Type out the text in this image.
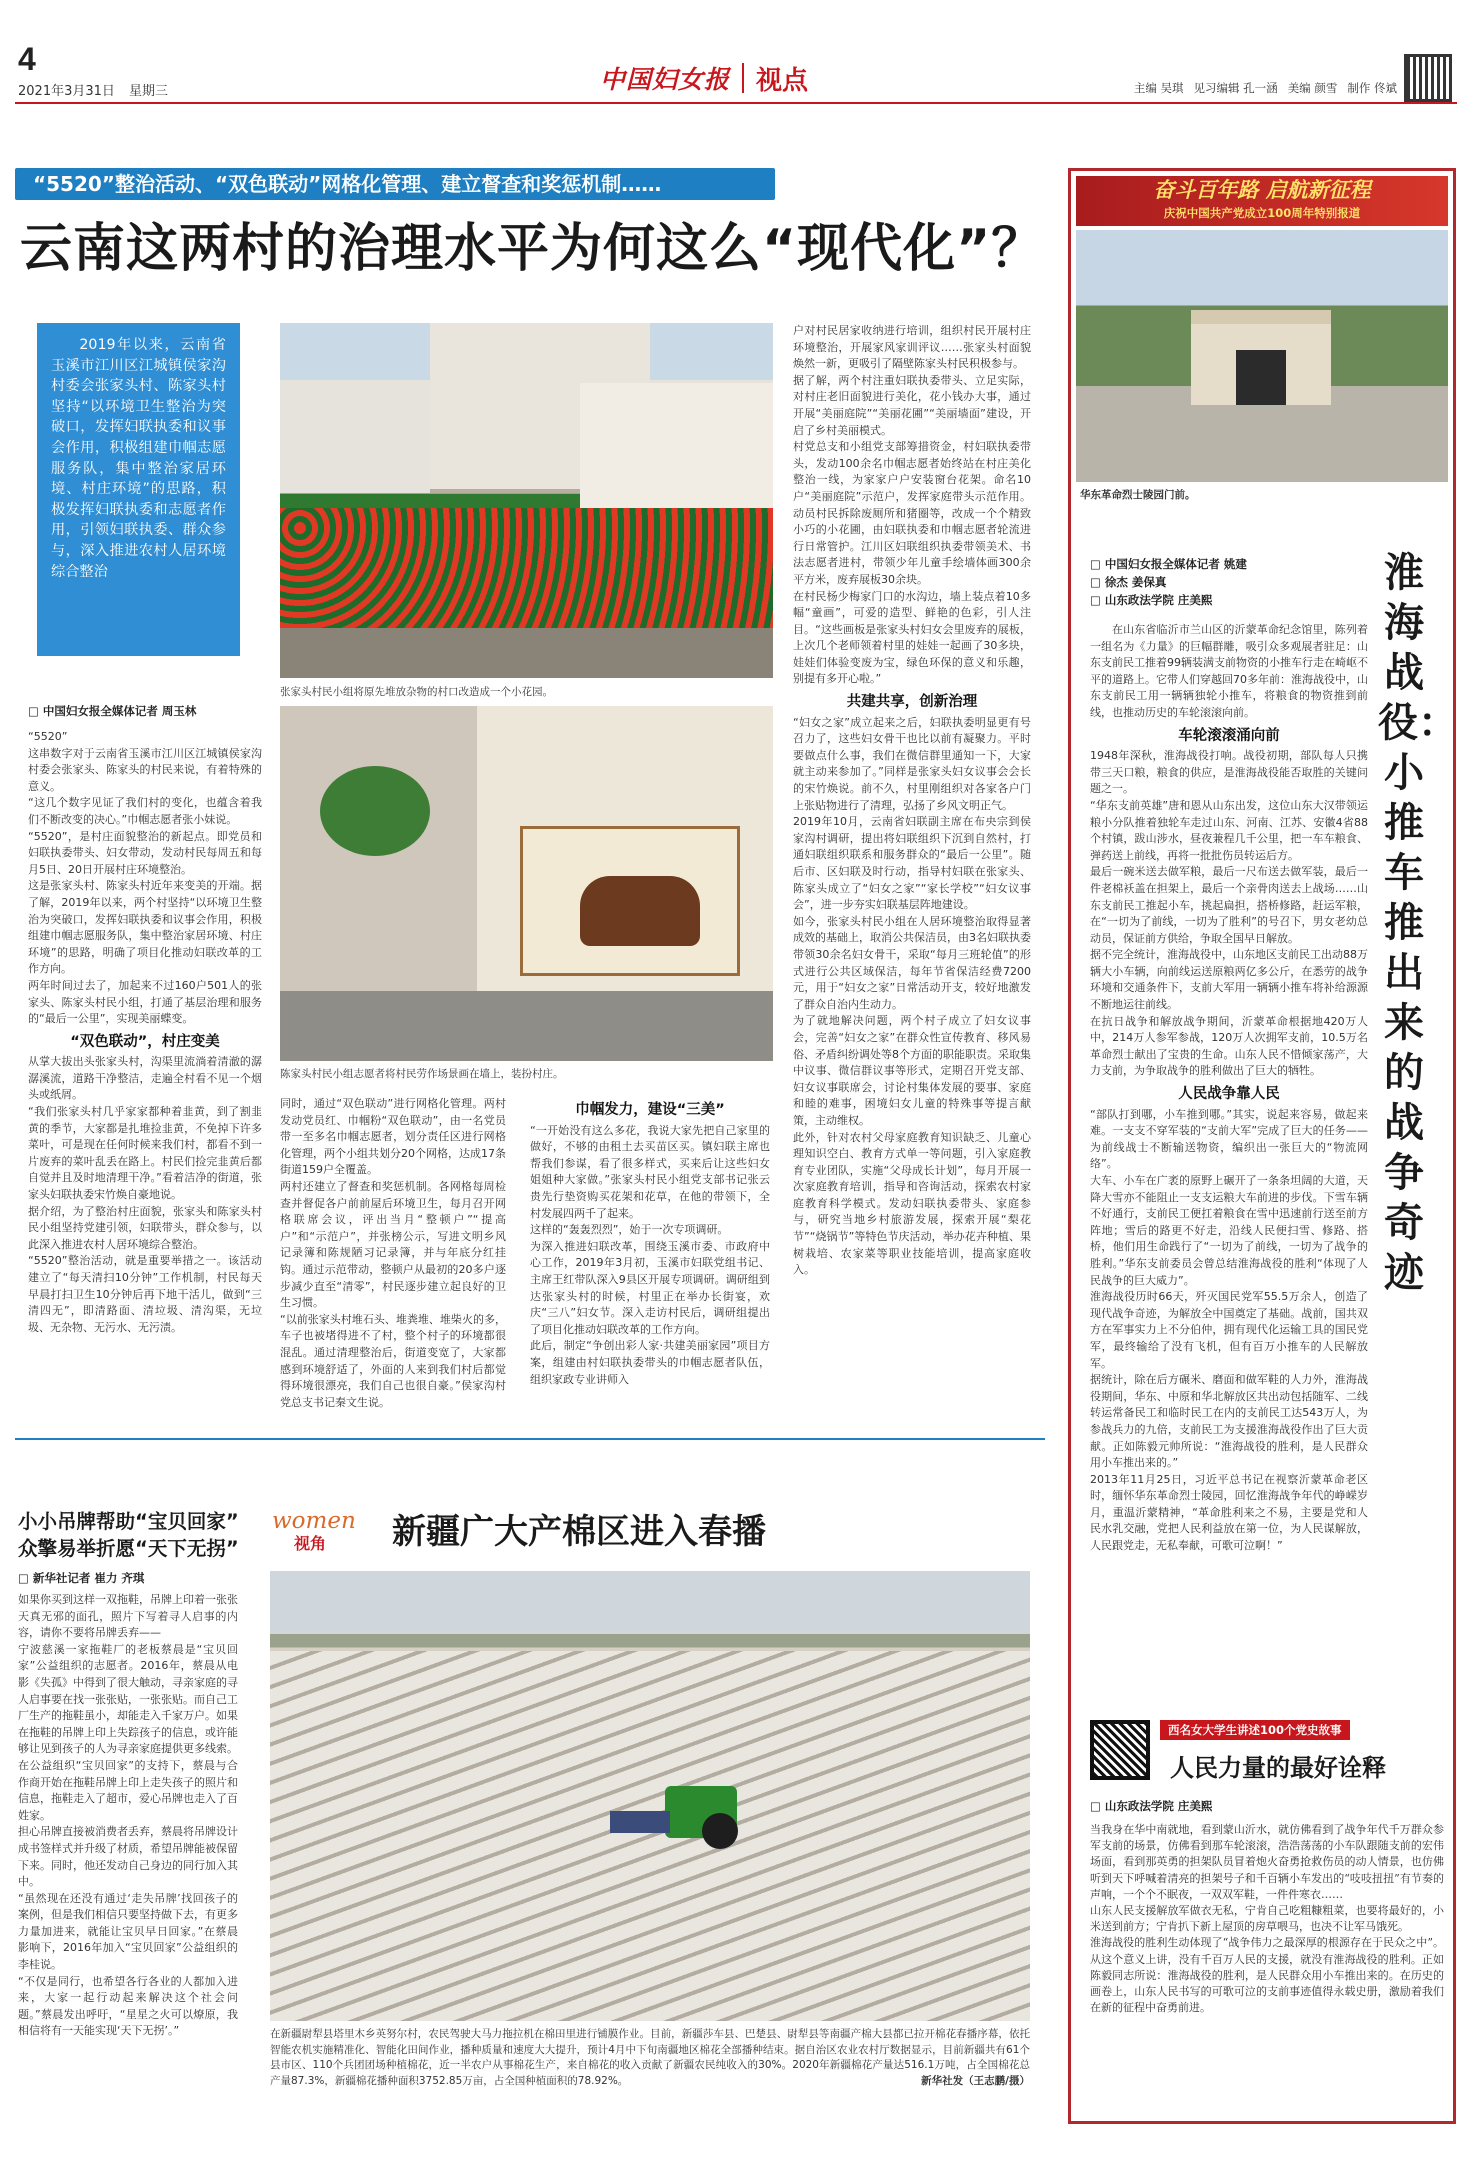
4
2021年3月31日 星期三	中国妇女报 视点	主编 吴琪 见习编辑 孔一涵 美编 颜雪 制作 佟斌
“5520”整治活动、“双色联动”网格化管理、建立督查和奖惩机制……
云南这两村的治理水平为何这么“现代化”？
2019年以来，云南省玉溪市江川区江城镇侯家沟村委会张家头村、陈家头村坚持“以环境卫生整治为突破口，发挥妇联执委和议事会作用，积极组建巾帼志愿服务队，集中整治家居环境、村庄环境”的思路，积极发挥妇联执委和志愿者作用，引领妇联执委、群众参与，深入推进农村人居环境综合整治
□ 中国妇女报全媒体记者 周玉林
张家头村民小组将原先堆放杂物的村口改造成一个小花园。
陈家头村民小组志愿者将村民劳作场景画在墙上，装扮村庄。

“5520”
这串数字对于云南省玉溪市江川区江城镇侯家沟村委会张家头、陈家头的村民来说，有着特殊的意义。
“这几个数字见证了我们村的变化，也蕴含着我们不断改变的决心。”巾帼志愿者张小妹说。
“5520”，是村庄面貌整治的新起点。即党员和妇联执委带头、妇女带动，发动村民每周五和每月5日、20日开展村庄环境整治。
这是张家头村、陈家头村近年来变美的开端。据了解，2019年以来，两个村坚持“以环境卫生整治为突破口，发挥妇联执委和议事会作用，积极组建巾帼志愿服务队，集中整治家居环境、村庄环境”的思路，明确了项目化推动妇联改革的工作方向。
两年时间过去了，加起来不过160户501人的张家头、陈家头村民小组，打通了基层治理和服务的“最后一公里”，实现美丽蝶变。

“双色联动”，村庄变美

从掌大拔出头张家头村，沟渠里流淌着清澈的潺潺溪流，道路干净整洁，走遍全村看不见一个烟头或纸屑。
“我们张家头村几乎家家都种着韭黄，到了割韭黄的季节，大家都是扎堆捡韭黄，不免掉下许多菜叶，可是现在任何时候来我们村，都看不到一片废弃的菜叶乱丢在路上。村民们捡完韭黄后都自觉并且及时地清理干净。”看着洁净的街道，张家头妇联执委宋竹焕自豪地说。
据介绍，为了整治村庄面貌，张家头和陈家头村民小组坚持党建引领，妇联带头，群众参与，以此深入推进农村人居环境综合整治。
“5520”整治活动，就是重要举措之一。该活动建立了“每天清扫10分钟”工作机制，村民每天早晨打扫卫生10分钟后再下地干活儿，做到“三清四无”，即清路面、清垃圾、清沟渠，无垃圾、无杂物、无污水、无污渍。

同时，通过“双色联动”进行网格化管理。两村发动党员红、巾帼粉“双色联动”，由一名党员带一至多名巾帼志愿者，划分责任区进行网格化管理，两个小组共划分20个网格，达成17条街道159户全覆盖。
两村还建立了督查和奖惩机制。各网格每周检查并督促各户前前屋后环境卫生，每月召开网格联席会议，评出当月“整顿户”“提高户”和“示范户”，并张榜公示，写进文明乡风记录簿和陈规陋习记录簿，并与年底分红挂钩。通过示范带动，整顿户从最初的20多户逐步减少直至“清零”，村民逐步建立起良好的卫生习惯。
“以前张家头村堆石头、堆粪堆、堆柴火的多，车子也被堵得进不了村，整个村子的环境都很混乱。通过清理整治后，街道变宽了，大家都感到环境舒适了，外面的人来到我们村后都觉得环境很漂亮，我们自己也很自豪。”侯家沟村党总支书记秦文生说。

巾帼发力，建设“三美”

“一开始没有这么多花，我说大家先把自己家里的做好，不够的由租土去买苗区买。镇妇联主席也帮我们参谋，看了很多样式，买来后让这些妇女姐姐种大家做。”张家头村民小组党支部书记张云贵先行垫资购买花架和花草，在他的带领下，全村发展四两千了起来。
这样的“轰轰烈烈”，始于一次专项调研。
为深入推进妇联改革，围绕玉溪市委、市政府中心工作，2019年3月初，玉溪市妇联党组书记、主席王红带队深入9县区开展专项调研。调研组到达张家头村的时候，村里正在举办长街宴，欢庆“三八”妇女节。深入走访村民后，调研组提出了项目化推动妇联改革的工作方向。
此后，制定“争创出彩人家·共建美丽家园”项目方案，组建由村妇联执委带头的巾帼志愿者队伍，组织家政专业讲师入

户对村民居家收纳进行培训，组织村民开展村庄环境整治，开展家风家训评议……张家头村面貌焕然一新，更吸引了隔壁陈家头村民积极参与。
据了解，两个村注重妇联执委带头、立足实际，对村庄老旧面貌进行美化，花小钱办大事，通过开展“美丽庭院”“美丽花圃”“美丽墙面”建设，开启了乡村美丽模式。
村党总支和小组党支部筹措资金，村妇联执委带头，发动100余名巾帼志愿者始终站在村庄美化整治一线，为家家户户安装窗台花架。命名10户“美丽庭院”示范户，发挥家庭带头示范作用。动员村民拆除废厕所和猪圈等，改成一个个精致小巧的小花圃，由妇联执委和巾帼志愿者轮流进行日常管护。江川区妇联组织执委带领美术、书法志愿者进村，带领少年儿童手绘墙体画300余平方米，废弃展板30余块。
在村民杨少梅家门口的水沟边，墙上装点着10多幅“童画”，可爱的造型、鲜艳的色彩，引人注目。“这些画板是张家头村妇女会里废弃的展板，上次几个老师领着村里的娃娃一起画了30多块，娃娃们体验变废为宝，绿色环保的意义和乐趣，别提有多开心啦。”

共建共享，创新治理

“妇女之家”成立起来之后，妇联执委明显更有号召力了，这些妇女骨干也比以前有凝聚力。平时要做点什么事，我们在微信群里通知一下，大家就主动来参加了。”同样是张家头妇女议事会会长的宋竹焕说。前不久，村里刚组织对各家各户门上张贴物进行了清理，弘扬了乡风文明正气。
2019年10月，云南省妇联副主席在布央宗到侯家沟村调研，提出将妇联组织下沉到自然村，打通妇联组织联系和服务群众的“最后一公里”。随后市、区妇联及时行动，指导村妇联在张家头、陈家头成立了“妇女之家”“家长学校”“妇女议事会”，进一步夯实妇联基层阵地建设。
如今，张家头村民小组在人居环境整治取得显著成效的基础上，取消公共保洁员，由3名妇联执委带领30余名妇女骨干，采取“每月三班轮值”的形式进行公共区域保洁，每年节省保洁经费7200元，用于“妇女之家”日常活动开支，较好地激发了群众自治内生动力。
为了就地解决问题，两个村子成立了妇女议事会，完善“妇女之家”在群众性宣传教育、移风易俗、矛盾纠纷调处等8个方面的职能职责。采取集中议事、微信群议事等形式，定期召开党支部、妇女议事联席会，讨论村集体发展的要事、家庭和睦的难事，困境妇女儿童的特殊事等提言献策，主动维权。
此外，针对农村父母家庭教育知识缺乏、儿童心理知识空白、教育方式单一等问题，引入家庭教育专业团队，实施“父母成长计划”，每月开展一次家庭教育培训，指导和咨询活动，探索农村家庭教育科学模式。发动妇联执委带头、家庭参与，研究当地乡村旅游发展，探索开展“梨花节”“烧锅节”等特色节庆活动，举办花卉种植、果树栽培、农家菜等职业技能培训，提高家庭收入。

奋斗百年路 启航新征程
庆祝中国共产党成立100周年特别报道
华东革命烈士陵园门前。
□ 中国妇女报全媒体记者 姚建
□ 徐杰 姜保真
□ 山东政法学院 庄美熙
淮海战役：小推车推出来的战争奇迹

在山东省临沂市兰山区的沂蒙革命纪念馆里，陈列着一组名为《力量》的巨幅群雕，吸引众多观展者驻足：山东支前民工推着99辆装满支前物资的小推车行走在崎岖不平的道路上。它带人们穿越回70多年前：淮海战役中，山东支前民工用一辆辆独轮小推车，将粮食的物资推到前线，也推动历史的车轮滚滚向前。

车轮滚滚涌向前

1948年深秋，淮海战役打响。战役初期，部队每人只携带三天口粮，粮食的供应，是淮海战役能否取胜的关键问题之一。
“华东支前英雄”唐和恩从山东出发，这位山东大汉带领运粮小分队推着独轮车走过山东、河南、江苏、安徽4省88个村镇，跋山涉水，昼夜兼程几千公里，把一车车粮食、弹药送上前线，再将一批批伤员转运后方。
最后一碗米送去做军粮，最后一尺布送去做军装，最后一件老棉袄盖在担架上，最后一个亲骨肉送去上战场……山东支前民工推起小车，挑起扁担，搭桥修路，赶运军粮，在“一切为了前线，一切为了胜利”的号召下，男女老幼总动员，保证前方供给，争取全国早日解放。
据不完全统计，淮海战役中，山东地区支前民工出动88万辆大小车辆，向前线运送原粮两亿多公斤，在悉劳的战争环境和交通条件下，支前大军用一辆辆小推车将补给源源不断地运往前线。
在抗日战争和解放战争期间，沂蒙革命根据地420万人中，214万人参军参战，120万人次拥军支前，10.5万名革命烈士献出了宝贵的生命。山东人民不惜倾家荡产，大力支前，为争取战争的胜利做出了巨大的牺牲。

人民战争靠人民

“部队打到哪，小车推到哪。”其实，说起来容易，做起来难。一支支不穿军装的“支前大军”完成了巨大的任务——为前线战士不断输送物资，编织出一张巨大的“物流网络”。
大车、小车在广袤的原野上碾开了一条条坦阔的大道，天降大雪亦不能阻止一支支运粮大车前进的步伐。下雪车辆不好通行，支前民工便扛着粮食在雪中迅速前行送至前方阵地；雪后的路更不好走，沿线人民便扫雪、修路、搭桥，他们用生命践行了“一切为了前线，一切为了战争的胜利。”华东支前委员会曾总结淮海战役的胜利“体现了人民战争的巨大威力”。
淮海战役历时66天，歼灭国民党军55.5万余人，创造了现代战争奇迹，为解放全中国奠定了基础。战前，国共双方在军事实力上不分伯仲，拥有现代化运输工具的国民党军，最终输给了没有飞机，但有百万小推车的人民解放军。
据统计，除在后方碾米、磨面和做军鞋的人力外，淮海战役期间，华东、中原和华北解放区共出动包括随军、二线转运常备民工和临时民工在内的支前民工达543万人，为参战兵力的九倍，支前民工为支援淮海战役作出了巨大贡献。正如陈毅元帅所说：“淮海战役的胜利，是人民群众用小车推出来的。”
2013年11月25日，习近平总书记在视察沂蒙革命老区时，缅怀华东革命烈士陵园，回忆淮海战争年代的峥嵘岁月，重温沂蒙精神，“革命胜利来之不易，主要是党和人民水乳交融，党把人民利益放在第一位，为人民谋解放，人民跟党走，无私奉献，可歌可泣啊！”

西名女大学生讲述100个党史故事
人民力量的最好诠释
□ 山东政法学院 庄美熙

当我身在华中南就地，看到蒙山沂水，就仿佛看到了战争年代千万群众参军支前的场景，仿佛看到那车轮滚滚，浩浩荡荡的小车队跟随支前的宏伟场面，看到那英勇的担架队员冒着炮火奋勇抢救伤员的动人情景，也仿佛听到天下呼喊着清亮的担架号子和千百辆小车发出的“吱吱扭扭”有节奏的声响，一个个不眠夜，一双双军鞋，一件件寒衣……
山东人民支援解放军做衣无私，宁肯自己吃粗糠粗菜，也要将最好的，小米送到前方；宁肯扒下新上屋顶的房草喂马，也决不让军马饿死。
淮海战役的胜利生动体现了“战争伟力之最深厚的根源存在于民众之中”。从这个意义上讲，没有千百万人民的支援，就没有淮海战役的胜利。正如陈毅同志所说：淮海战役的胜利，是人民群众用小车推出来的。在历史的画卷上，山东人民书写的可歌可泣的支前事迹值得永载史册，激励着我们在新的征程中奋勇前进。

小小吊牌帮助“宝贝回家”
众擎易举折愿“天下无拐”
□ 新华社记者 崔力 齐琪

如果你买到这样一双拖鞋，吊牌上印着一张张天真无邪的面孔，照片下写着寻人启事的内容，请你不要将吊牌丢弃——
宁波慈溪一家拖鞋厂的老板蔡晨是“宝贝回家”公益组织的志愿者。2016年，蔡晨从电影《失孤》中得到了很大触动，寻亲家庭的寻人启事要在找一张张贴，一张张贴。而自己工厂生产的拖鞋虽小，却能走入千家万户。如果在拖鞋的吊牌上印上失踪孩子的信息，或许能够让见到孩子的人为寻亲家庭提供更多线索。
在公益组织“宝贝回家”的支持下，蔡晨与合作商开始在拖鞋吊牌上印上走失孩子的照片和信息，拖鞋走入了超市，爱心吊牌也走入了百姓家。
担心吊牌直接被消费者丢弃，蔡晨将吊牌设计成书签样式并升级了材质，希望吊牌能被保留下来。同时，他还发动自己身边的同行加入其中。
“虽然现在还没有通过‘走失吊牌’找回孩子的案例，但是我们相信只要坚持做下去，有更多力量加进来，就能让宝贝早日回家。”在蔡晨影响下，2016年加入“宝贝回家”公益组织的李桂说。
“不仅是同行，也希望各行各业的人都加入进来，大家一起行动起来解决这个社会问题。”蔡晨发出呼吁，“星星之火可以燎原，我相信将有一天能实现‘天下无拐’。”

women
视角	新疆广大产棉区进入春播
在新疆尉犁县塔里木乡英努尔村，农民驾驶大马力拖拉机在棉田里进行铺膜作业。目前，新疆莎车县、巴楚县、尉犁县等南疆产棉大县都已拉开棉花春播序幕，依托智能农机实施精准化、智能化田间作业，播种质量和速度大大提升，预计4月中下旬南疆地区棉花全部播种结束。据自治区农业农村厅数据显示，目前新疆共有61个县市区、110个兵团团场种植棉花，近一半农户从事棉花生产，来自棉花的收入贡献了新疆农民纯收入的30%。2020年新疆棉花产量达516.1万吨，占全国棉花总产量87.3%，新疆棉花播种面积3752.85万亩，占全国种植面积的78.92%。	新华社发（王志鹏/摄）
